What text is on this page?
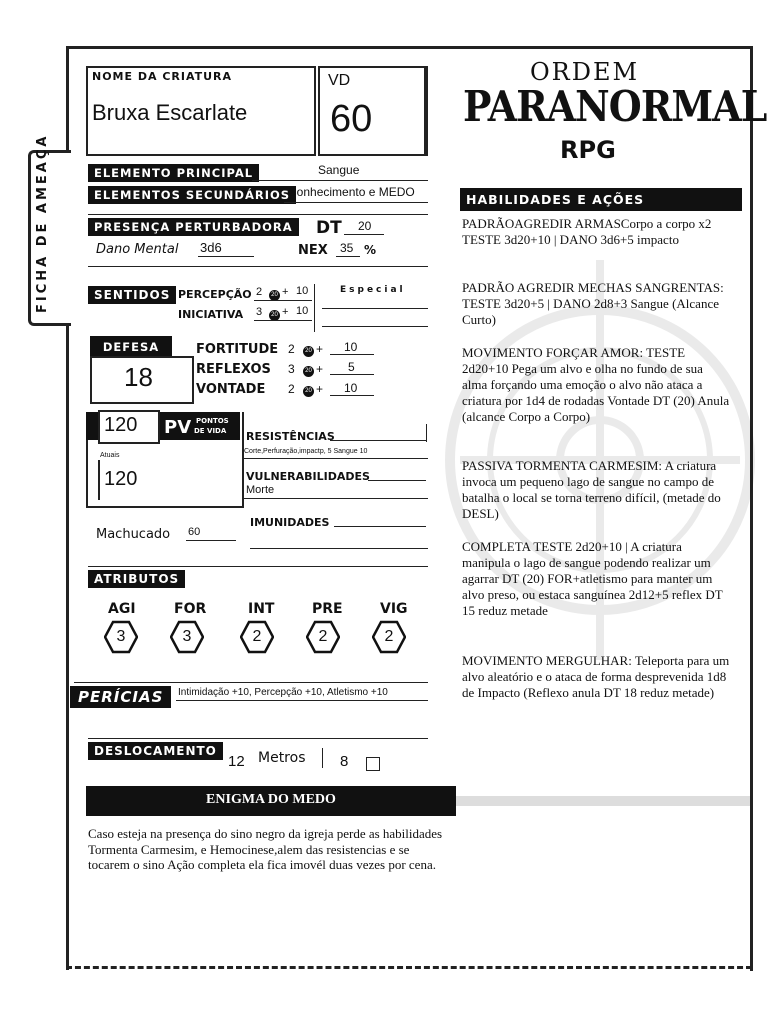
FICHA DE AMEAÇA
NOME DA CRIATURA
Bruxa Escarlate
VD
60
ORDEM
PARANORMAL
RPG
ELEMENTO PRINCIPAL	Sangue
ELEMENTOS SECUNDÁRIOS
Conhecimento e MEDO
PRESENÇA PERTURBADORA	DT 20
Dano Mental 3d6	NEX 35 %
SENTIDOS PERCEPÇÃO 2	20 + 10
INICIATIVA 3	20 + 10
Especial
DEFESA
18
FORTITUDE 2	20 + 10
REFLEXOS 3	20 + 5
VONTADE 2	20 + 10
120 PV PONTOS
DE VIDA
Atuais
120
Machucado 60
RESISTÊNCIAS
Corte,Perfuração,impactp, 5 Sangue 10
VULNERABILIDADES
Morte
IMUNIDADES
ATRIBUTOS
AGI
3
FOR
3
INT
2
PRE
2
VIG
2
PERÍCIAS	Intimidação +10, Percepção +10, Atletismo +10
DESLOCAMENTO
12 Metros 8
ENIGMA DO MEDO
Caso esteja na presença do sino negro da igreja perde as habilidades Tormenta Carmesim, e Hemocinese,alem das resistencias e se tocarem o sino Ação completa ela fica imovél duas vezes por cena.
HABILIDADES E AÇÕES
PADRÃOAGREDIR ARMASCorpo a corpo x2 TESTE 3d20+10 | DANO 3d6+5 impacto
PADRÃO AGREDIR MECHAS SANGRENTAS: TESTE 3d20+5 | DANO 2d8+3 Sangue (Alcance Curto)
MOVIMENTO FORÇAR AMOR: TESTE 2d20+10 Pega um alvo e olha no fundo de sua alma forçando uma emoção o alvo não ataca a criatura por 1d4 de rodadas Vontade DT (20) Anula (alcance Corpo a Corpo)
PASSIVA TORMENTA CARMESIM: A criatura invoca um pequeno lago de sangue no campo de batalha o local se torna terreno difícil, (metade do DESL)
COMPLETA TESTE 2d20+10 | A criatura manipula o lago de sangue podendo realizar um agarrar DT (20) FOR+atletismo para manter um alvo preso, ou estaca sanguínea 2d12+5 reflex DT 15 reduz metade
MOVIMENTO MERGULHAR: Teleporta para um alvo aleatório e o ataca de forma desprevenida 1d8 de Impacto (Reflexo anula DT 18 reduz metade)
